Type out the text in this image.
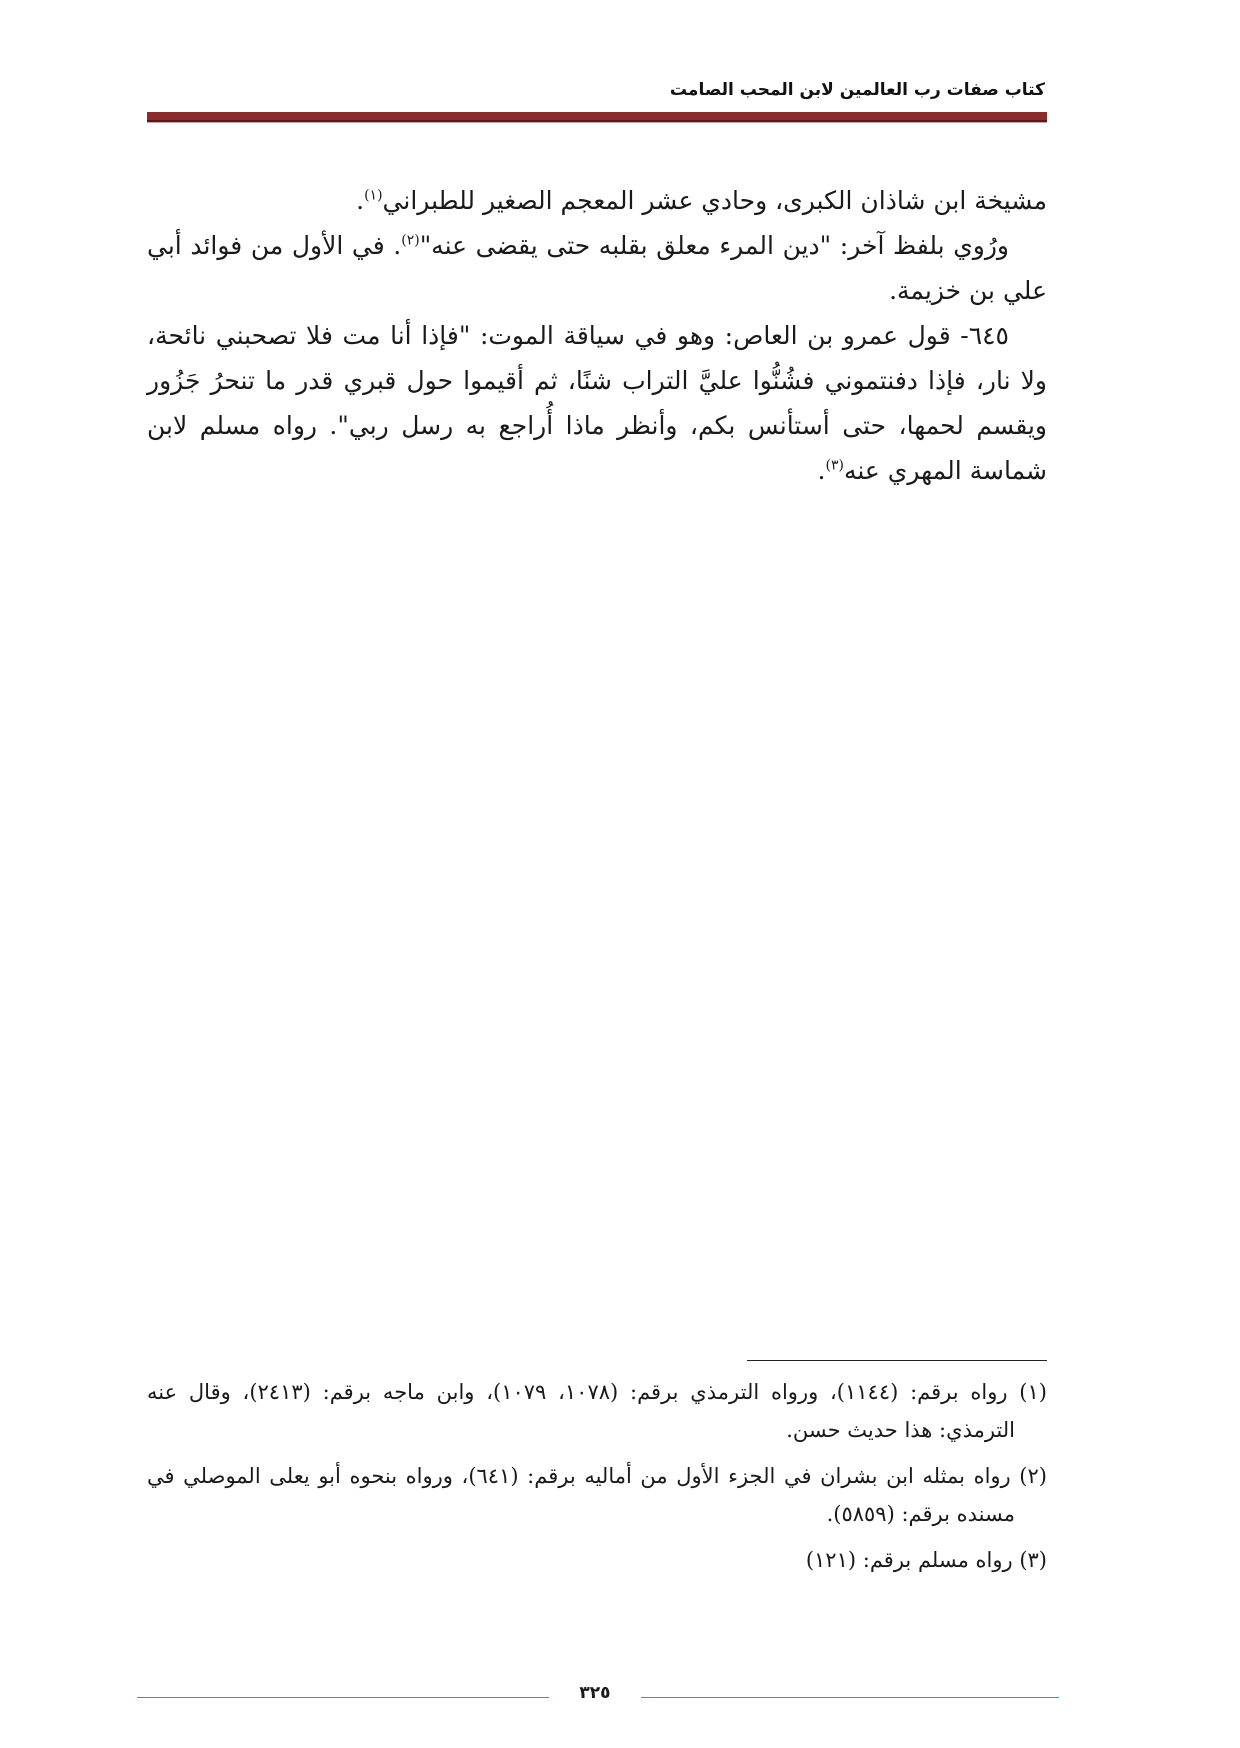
كتاب صفات رب العالمين لابن المحب الصامت

مشيخة ابن شاذان الكبرى، وحادي عشر المعجم الصغير للطبراني$^{(١)}$.

ورُوي بلفظ آخر: "دين المرء معلق بقلبه حتى يقضى عنه"$^{(٢)}$. في الأول من فوائد أبي علي بن خزيمة.

٦٤٥- قول عمرو بن العاص: وهو في سياقة الموت: "فإذا أنا مت فلا تصحبني نائحة، ولا نار، فإذا دفنتموني فشُنُّوا عليَّ التراب شنًا، ثم أقيموا حول قبري قدر ما تنحرُ جَزُور ويقسم لحمها، حتى أستأنس بكم، وأنظر ماذا أُراجع به رسل ربي". رواه مسلم لابن شماسة المهري عنه$^{(٣)}$.

(١) رواه برقم: (١١٤٤)، ورواه الترمذي برقم: (١٠٧٨، ١٠٧٩)، وابن ماجه برقم: (٢٤١٣)، وقال عنه الترمذي: هذا حديث حسن.

(٢) رواه بمثله ابن بشران في الجزء الأول من أماليه برقم: (٦٤١)، ورواه بنحوه أبو يعلى الموصلي في مسنده برقم: (٥٨٥٩).

(٣) رواه مسلم برقم: (١٢١)

٣٢٥
